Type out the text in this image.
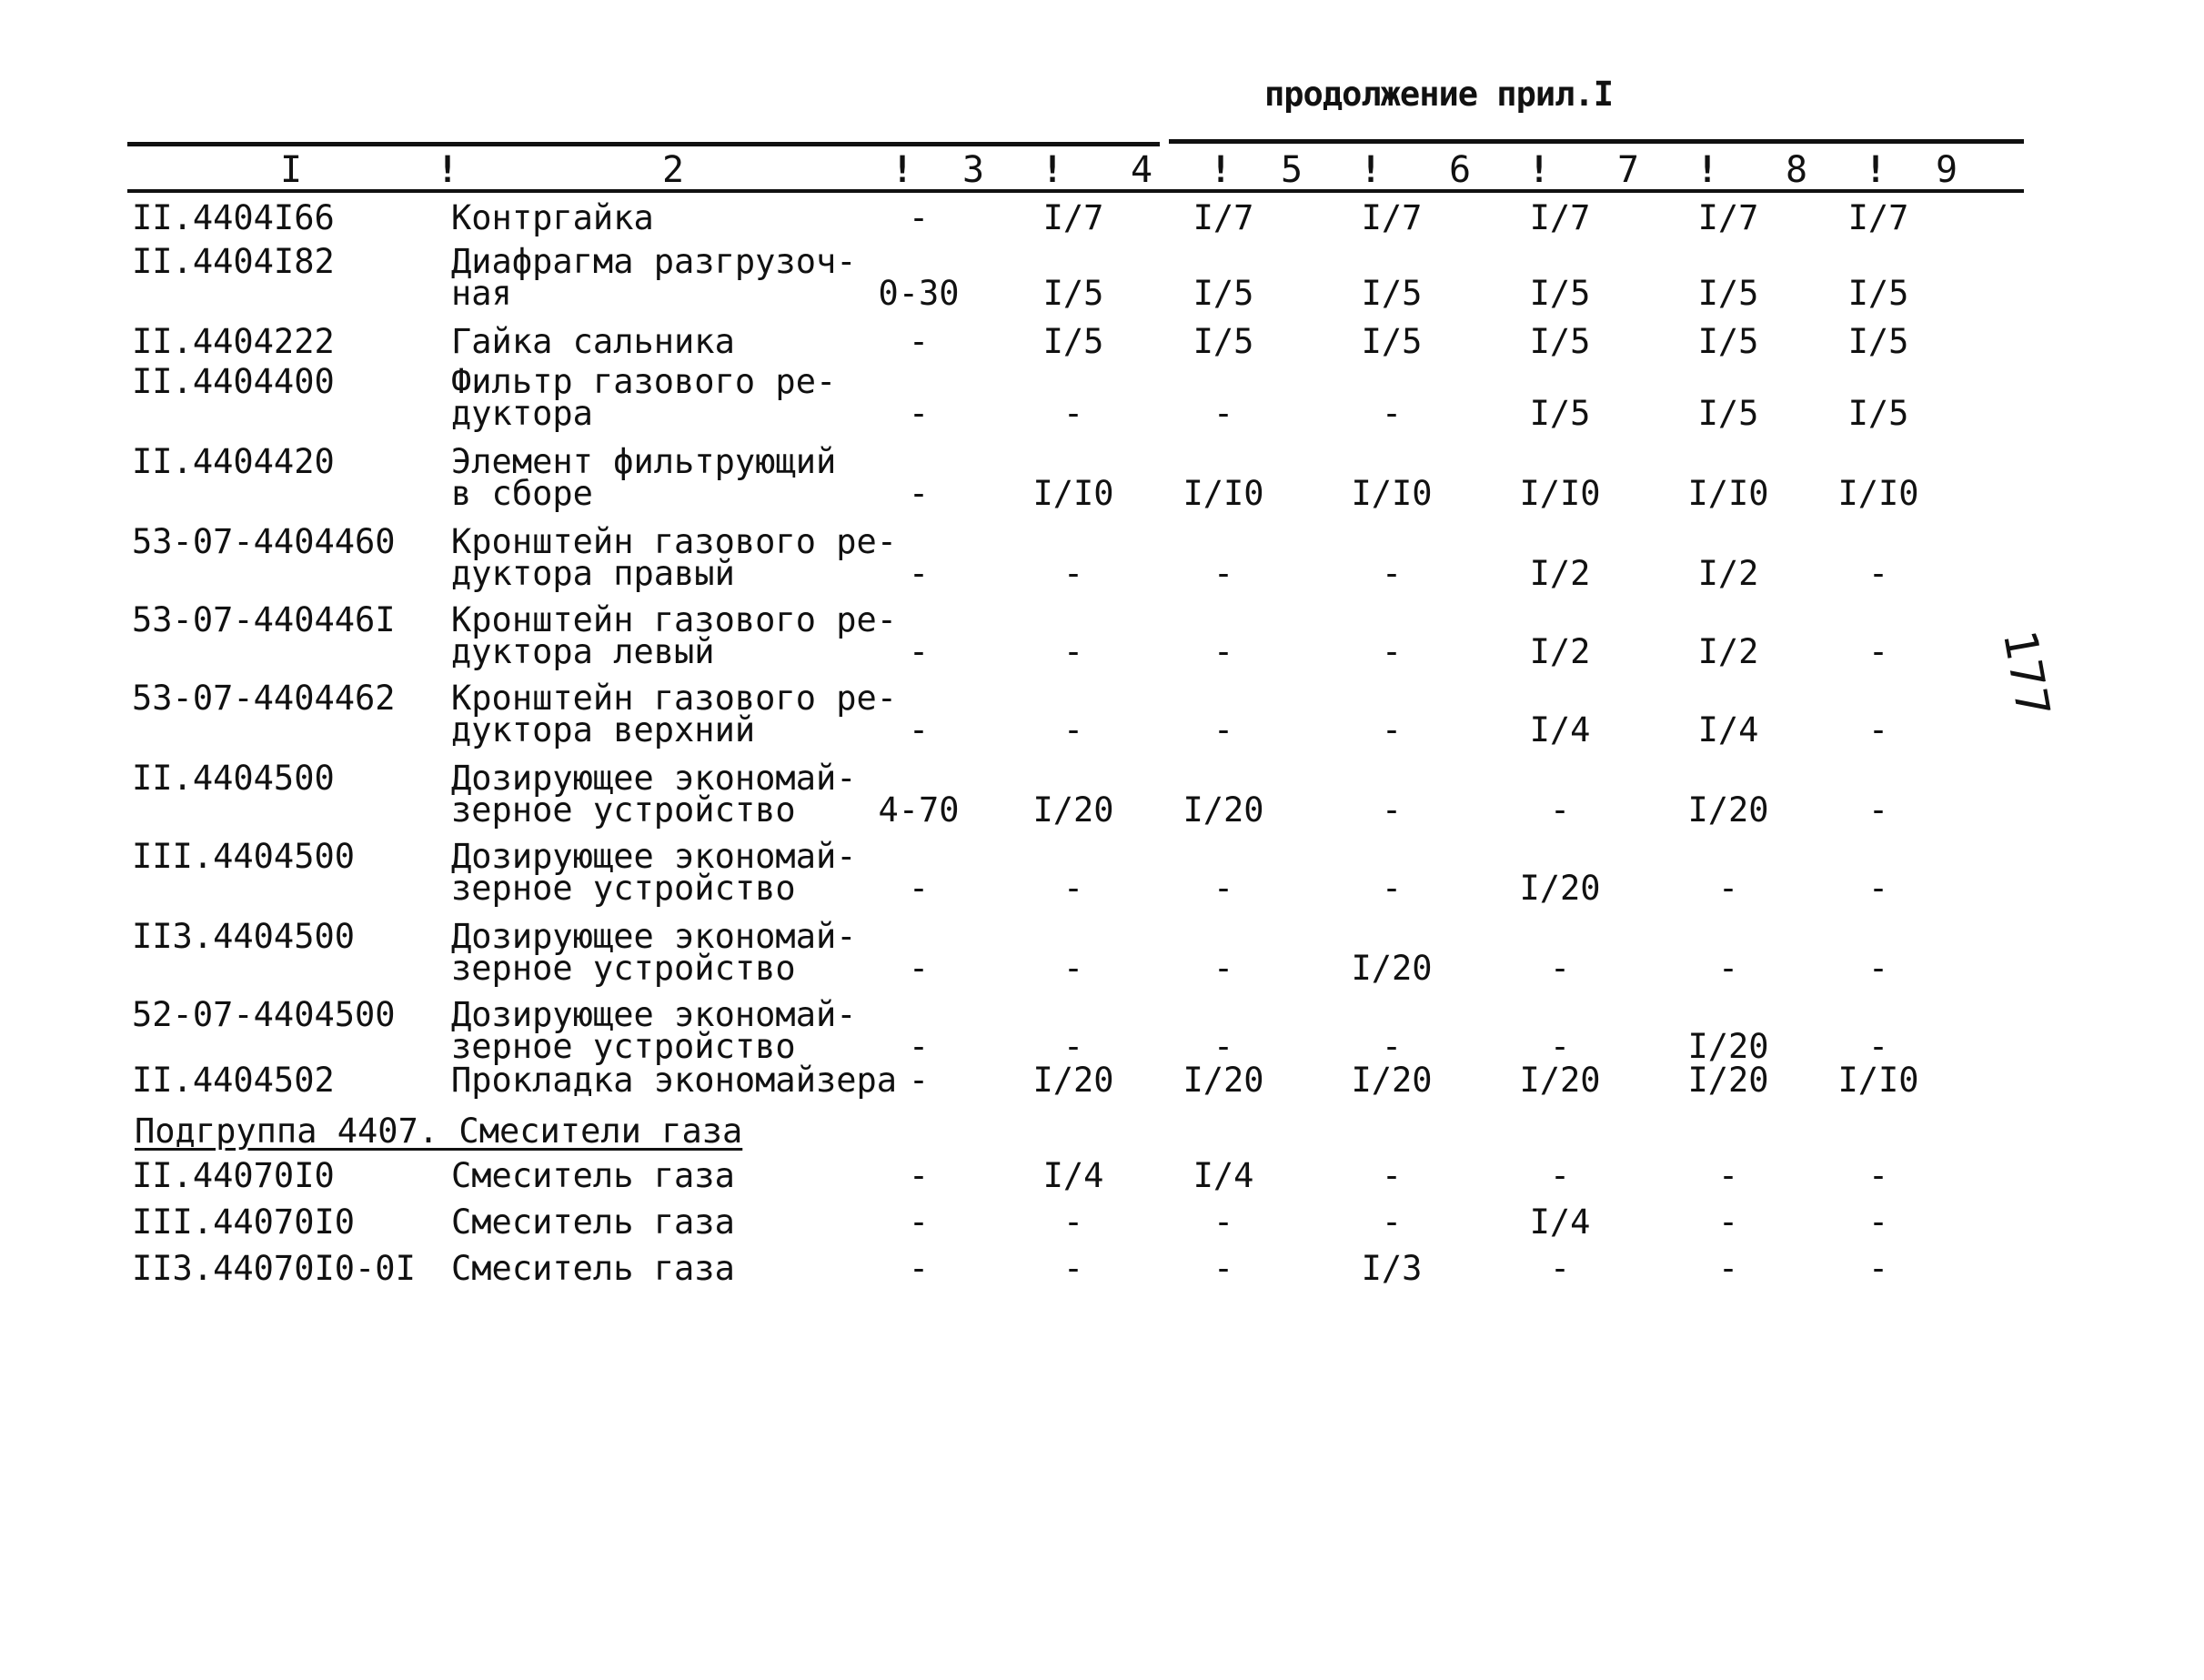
продолжение прил.I
I	2	3	4	5	6	7	8	9
!	!	!	!	!	!	!	!
II.4404I66	Контргайка	-	I/7	I/7	I/7	I/7	I/7	I/7
II.4404I82	Диафрагма разгрузоч-
ная	0-30	I/5	I/5	I/5	I/5	I/5	I/5
II.4404222	Гайка сальника	-	I/5	I/5	I/5	I/5	I/5	I/5
II.4404400	Фильтр газового ре-
дуктора	-	-	-	-	I/5	I/5	I/5
II.4404420	Элемент фильтрующий
в сборе	-	I/I0	I/I0	I/I0	I/I0	I/I0	I/I0
53-07-4404460 Кронштейн газового ре-
дуктора правый	-	-	-	-	I/2	I/2	-
53-07-440446I Кронштейн газового ре-
дуктора левый	-	-	-	-	I/2	I/2	-
53-07-4404462 Кронштейн газового ре-
дуктора верхний	-	-	-	-	I/4	I/4	-
II.4404500	Дозирующее экономай-
зерное устройство	4-70	I/20	I/20	-	-	I/20	-
III.4404500	Дозирующее экономай-
зерное устройство	-	-	-	-	I/20	-	-
II3.4404500	Дозирующее экономай-
зерное устройство	-	-	-	I/20	-	-	-
52-07-4404500 Дозирующее экономай-
зерное устройство	-	-	-	-	-	I/20	-
II.4404502	Прокладка экономайзера -	I/20	I/20	I/20	I/20	I/20	I/I0
Подгруппа 4407. Смесители газа
II.44070I0	Смеситель газа	-	I/4	I/4	-	-	-	-
III.44070I0	Смеситель газа	-	-	-	-	I/4	-	-
II3.44070I0-0I Смеситель газа	-	-	-	I/3	-	-	-
177
